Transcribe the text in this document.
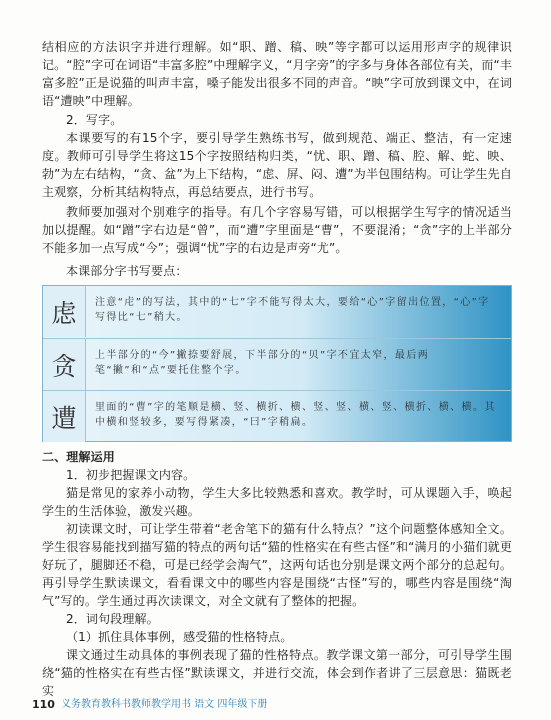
结相应的方法识字并进行理解。如“职、蹭、稿、映”等字都可以运用形声字的规律识记。“腔”字可在词语“丰富多腔”中理解字义，“月字旁”的字多与身体各部位有关，而“丰富多腔”正是说猫的叫声丰富，嗓子能发出很多不同的声音。“映”字可放到课文中，在词语“遭映”中理解。

2．写字。

本课要写的有15个字，要引导学生熟练书写，做到规范、端正、整洁，有一定速度。教师可引导学生将这15个字按照结构归类，“忧、职、蹭、稿、腔、解、蛇、映、勃”为左右结构，“贪、盆”为上下结构，“虑、屏、闷、遭”为半包围结构。可让学生先自主观察，分析其结构特点，再总结要点，进行书写。

教师要加强对个别难字的指导。有几个字容易写错，可以根据学生写字的情况适当加以提醒。如“蹭”字右边是“曾”，而“遭”字里面是“曹”，不要混淆；“贪”字的上半部分不能多加一点写成“今”；强调“忧”字的右边是声旁“尤”。

本课部分字书写要点：

虑 注意“虍”的写法，其中的“七”字不能写得太大，要给“心”字留出位置，“心”字写得比“七”稍大。
贪 上半部分的“今”撇捺要舒展，下半部分的“贝”字不宜太窄，最后两笔“撇”和“点”要托住整个字。
遭 里面的“曹”字的笔顺是横、竖、横折、横、竖、竖、横、竖、横折、横、横。其中横和竖较多，要写得紧凑，“曰”字稍扁。

二、理解运用

1．初步把握课文内容。

猫是常见的家养小动物，学生大多比较熟悉和喜欢。教学时，可从课题入手，唤起学生的生活体验，激发兴趣。

初读课文时，可让学生带着“老舍笔下的猫有什么特点？”这个问题整体感知全文。学生很容易能找到描写猫的特点的两句话“猫的性格实在有些古怪”和“满月的小猫们就更好玩了，腿脚还不稳，可是已经学会淘气”，这两句话也分别是课文两个部分的总起句。再引导学生默读课文，看看课文中的哪些内容是围绕“古怪”写的，哪些内容是围绕“淘气”写的。学生通过再次读课文，对全文就有了整体的把握。

2．词句段理解。

（1）抓住具体事例，感受猫的性格特点。

课文通过生动具体的事例表现了猫的性格特点。教学课文第一部分，可引导学生围绕“猫的性格实在有些古怪”默读课文，并进行交流，体会到作者讲了三层意思：猫既老实

110 义务教育教科书教师教学用书 语文 四年级下册
